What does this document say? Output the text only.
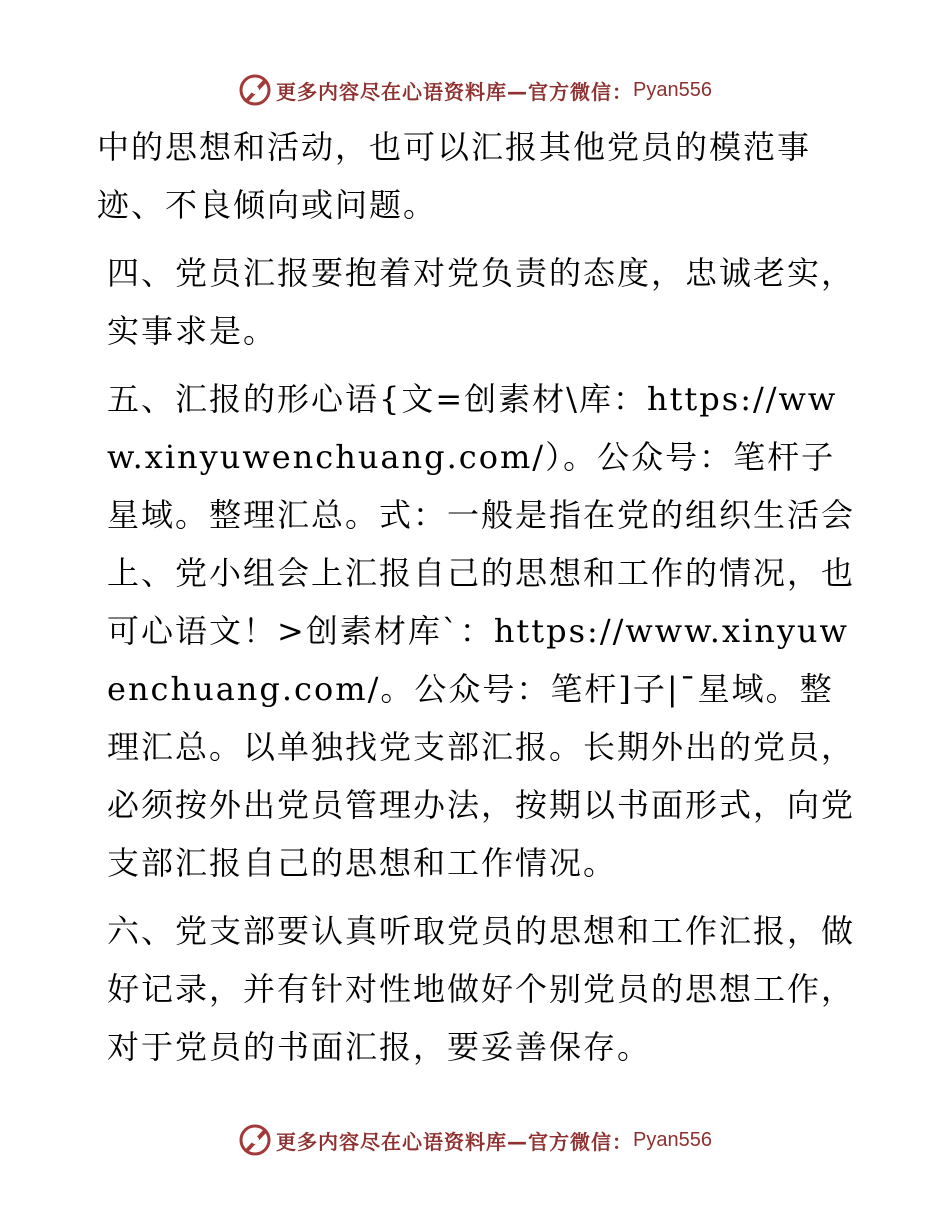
更多内容尽在心语资料库—官方微信： Pyan556

中的思想和活动，也可以汇报其他党员的模范事迹、不良倾向或问题。

四、党员汇报要抱着对党负责的态度，忠诚老实，实事求是。

五、汇报的形心语{文=创素材\库：https://www.xinyuwenchuang.com/）。公众号：笔杆子星域。整理汇总。式：一般是指在党的组织生活会上、党小组会上汇报自己的思想和工作的情况，也可心语文！>创素材库`：https://www.xinyuwenchuang.com/。公众号：笔杆]子|¯星域。整理汇总。以单独找党支部汇报。长期外出的党员，必须按外出党员管理办法，按期以书面形式，向党支部汇报自己的思想和工作情况。

六、党支部要认真听取党员的思想和工作汇报，做好记录，并有针对性地做好个别党员的思想工作，对于党员的书面汇报，要妥善保存。

更多内容尽在心语资料库—官方微信： Pyan556
